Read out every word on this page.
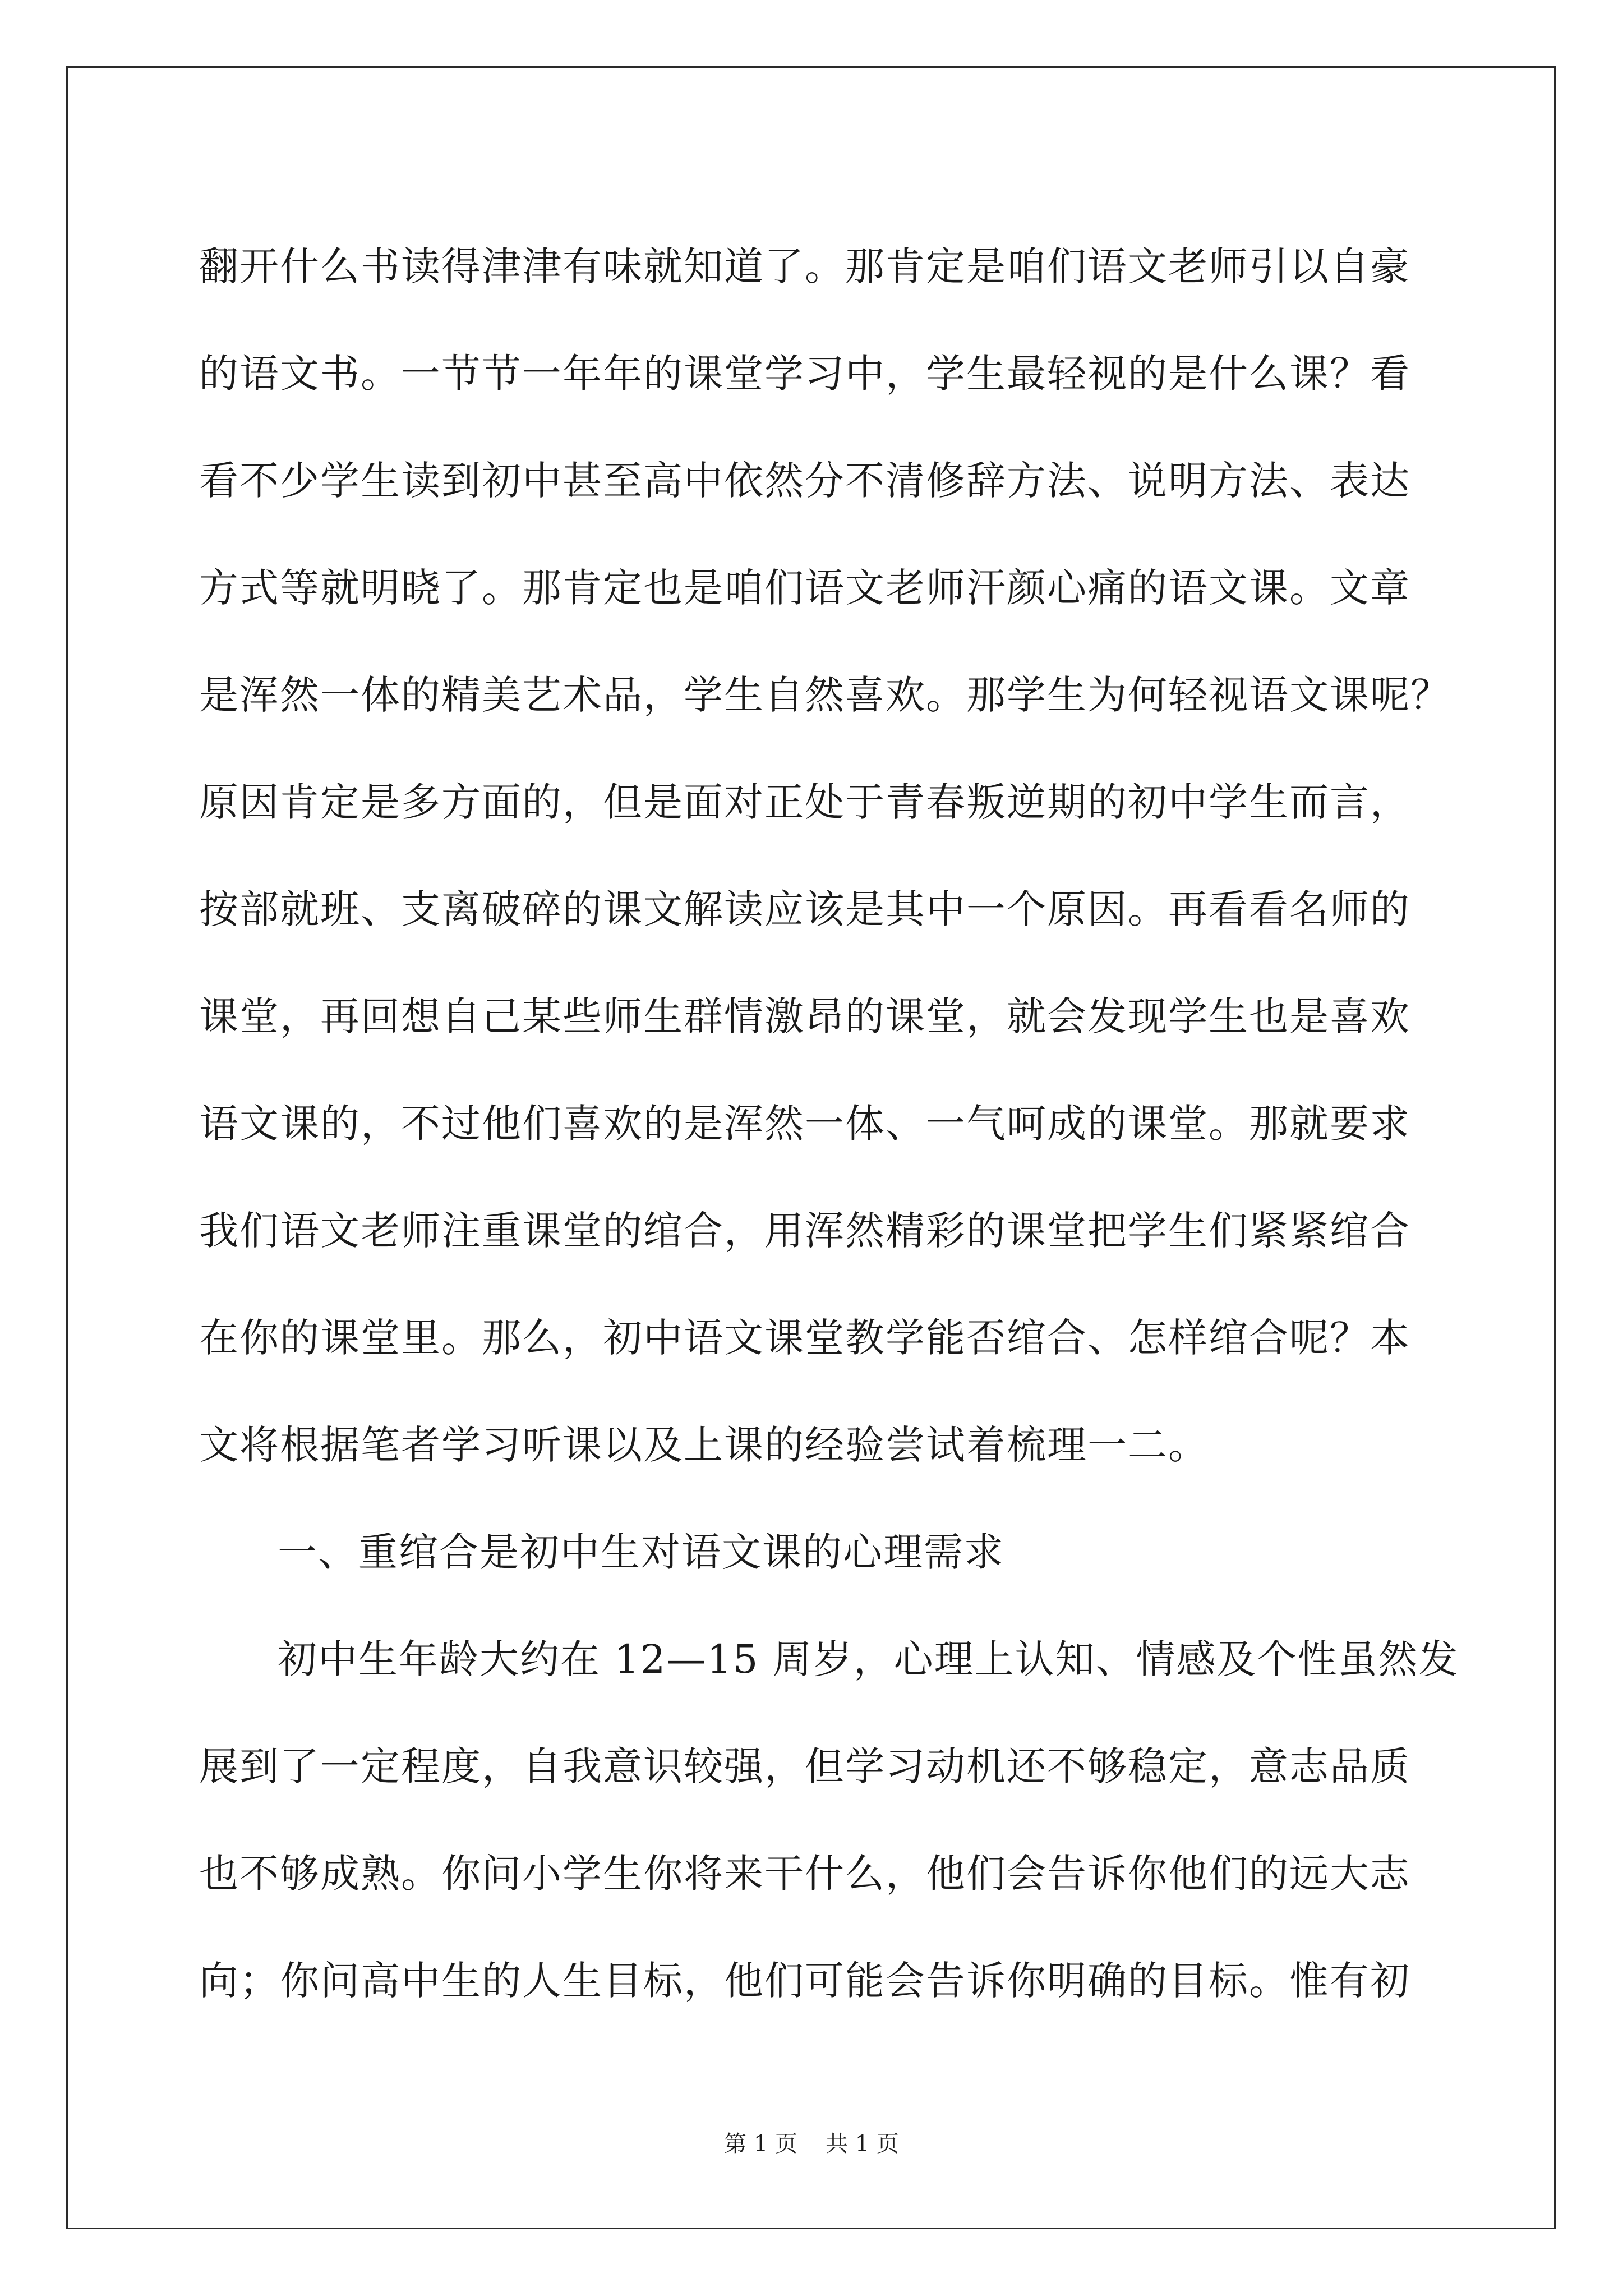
翻开什么书读得津津有味就知道了。那肯定是咱们语文老师引以自豪
的语文书。一节节一年年的课堂学习中，学生最轻视的是什么课？看
看不少学生读到初中甚至高中依然分不清修辞方法、说明方法、表达
方式等就明晓了。那肯定也是咱们语文老师汗颜心痛的语文课。文章
是浑然一体的精美艺术品，学生自然喜欢。那学生为何轻视语文课呢？
原因肯定是多方面的，但是面对正处于青春叛逆期的初中学生而言，
按部就班、支离破碎的课文解读应该是其中一个原因。再看看名师的
课堂，再回想自己某些师生群情激昂的课堂，就会发现学生也是喜欢
语文课的，不过他们喜欢的是浑然一体、一气呵成的课堂。那就要求
我们语文老师注重课堂的绾合，用浑然精彩的课堂把学生们紧紧绾合
在你的课堂里。那么，初中语文课堂教学能否绾合、怎样绾合呢？本
文将根据笔者学习听课以及上课的经验尝试着梳理一二。
一、重绾合是初中生对语文课的心理需求
初中生年龄大约在 12—15 周岁，心理上认知、情感及个性虽然发
展到了一定程度，自我意识较强，但学习动机还不够稳定，意志品质
也不够成熟。你问小学生你将来干什么，他们会告诉你他们的远大志
向；你问高中生的人生目标，他们可能会告诉你明确的目标。惟有初
第 1 页 共 1 页
